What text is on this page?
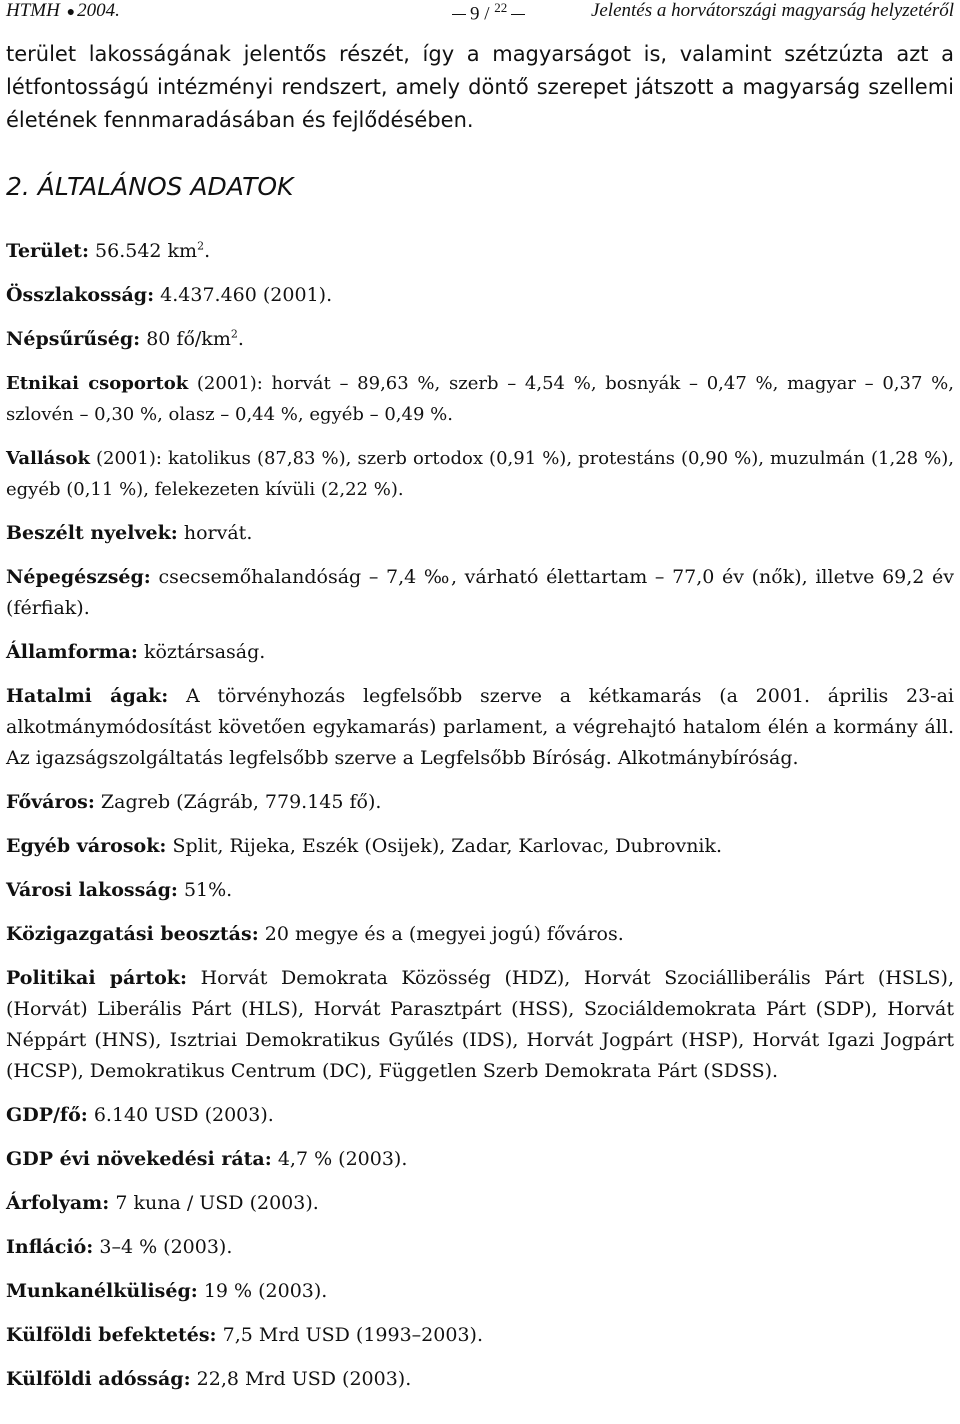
HTMH ● 2004.	9 / $^{22}$	Jelentés a horvátországi magyarság helyzetéről
terület lakosságának jelentős részét, így a magyarságot is, valamint szétzúzta azt a létfontosságú intézményi rendszert, amely döntő szerepet játszott a magyarság szellemi életének fennmaradásában és fejlődésében.
2. ÁLTALÁNOS ADATOK
Terület: 56.542 $km^2$.
Összlakosság: 4.437.460 (2001).
Népsűrűség: 80 $fő/km^2$.
Etnikai csoportok (2001): horvát – 89,63 %, szerb – 4,54 %, bosnyák – 0,47 %, magyar – 0,37 %, szlovén – 0,30 %, olasz – 0,44 %, egyéb – 0,49 %.
Vallások (2001): katolikus (87,83 %), szerb ortodox (0,91 %), protestáns (0,90 %), muzulmán (1,28 %), egyéb (0,11 %), felekezeten kívüli (2,22 %).
Beszélt nyelvek: horvát.
Népegészség: csecsemőhalandóság – 7,4 ‰, várható élettartam – 77,0 év (nők), illetve 69,2 év (férfiak).
Államforma: köztársaság.
Hatalmi ágak: A törvényhozás legfelsőbb szerve a kétkamarás (a 2001. április 23-ai alkotmánymódosítást követően egykamarás) parlament, a végrehajtó hatalom élén a kormány áll. Az igazságszolgáltatás legfelsőbb szerve a Legfelsőbb Bíróság. Alkotmánybíróság.
Főváros: Zagreb (Zágráb, 779.145 fő).
Egyéb városok: Split, Rijeka, Eszék (Osijek), Zadar, Karlovac, Dubrovnik.
Városi lakosság: 51%.
Közigazgatási beosztás: 20 megye és a (megyei jogú) főváros.
Politikai pártok: Horvát Demokrata Közösség (HDZ), Horvát Szociálliberális Párt (HSLS), (Horvát) Liberális Párt (HLS), Horvát Parasztpárt (HSS), Szociáldemokrata Párt (SDP), Horvát Néppárt (HNS), Isztriai Demokratikus Gyűlés (IDS), Horvát Jogpárt (HSP), Horvát Igazi Jogpárt (HCSP), Demokratikus Centrum (DC), Független Szerb Demokrata Párt (SDSS).
GDP/fő: 6.140 USD (2003).
GDP évi növekedési ráta: 4,7 % (2003).
Árfolyam: 7 kuna / USD (2003).
Infláció: 3–4 % (2003).
Munkanélküliség: 19 % (2003).
Külföldi befektetés: 7,5 Mrd USD (1993–2003).
Külföldi adósság: 22,8 Mrd USD (2003).
